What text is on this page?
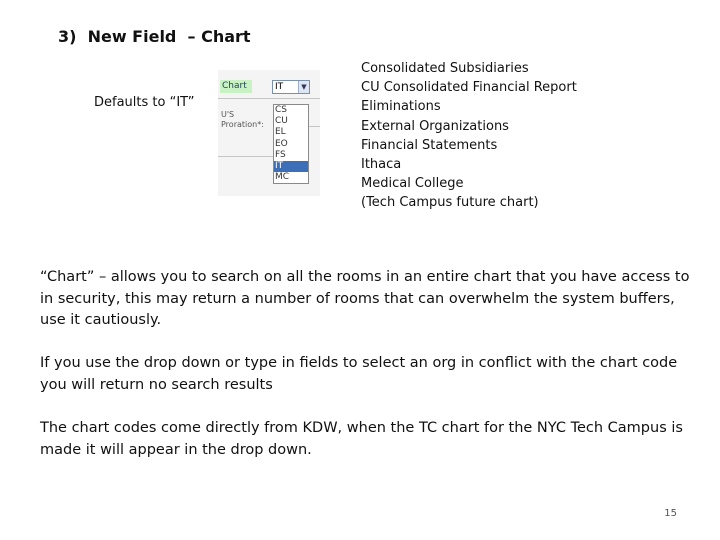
3)  New Field  – Chart
Defaults to “IT”
Chart	IT	▼
U'S
Proration*:
CS
CU
EL
EO
FS
IT
MC
Consolidated Subsidiaries
CU Consolidated Financial Report
Eliminations
External Organizations
Financial Statements
Ithaca
Medical College
(Tech Campus future chart)
“Chart” – allows you to search on all the rooms in an entire chart that you have access to in security, this may return a number of rooms that can overwhelm the system buffers, use it cautiously.
If you use the drop down or type in fields to select an org in conflict with the chart code you will return no search results
The chart codes come directly from KDW, when the TC chart for the NYC Tech Campus is made it will appear in the drop down.
15
